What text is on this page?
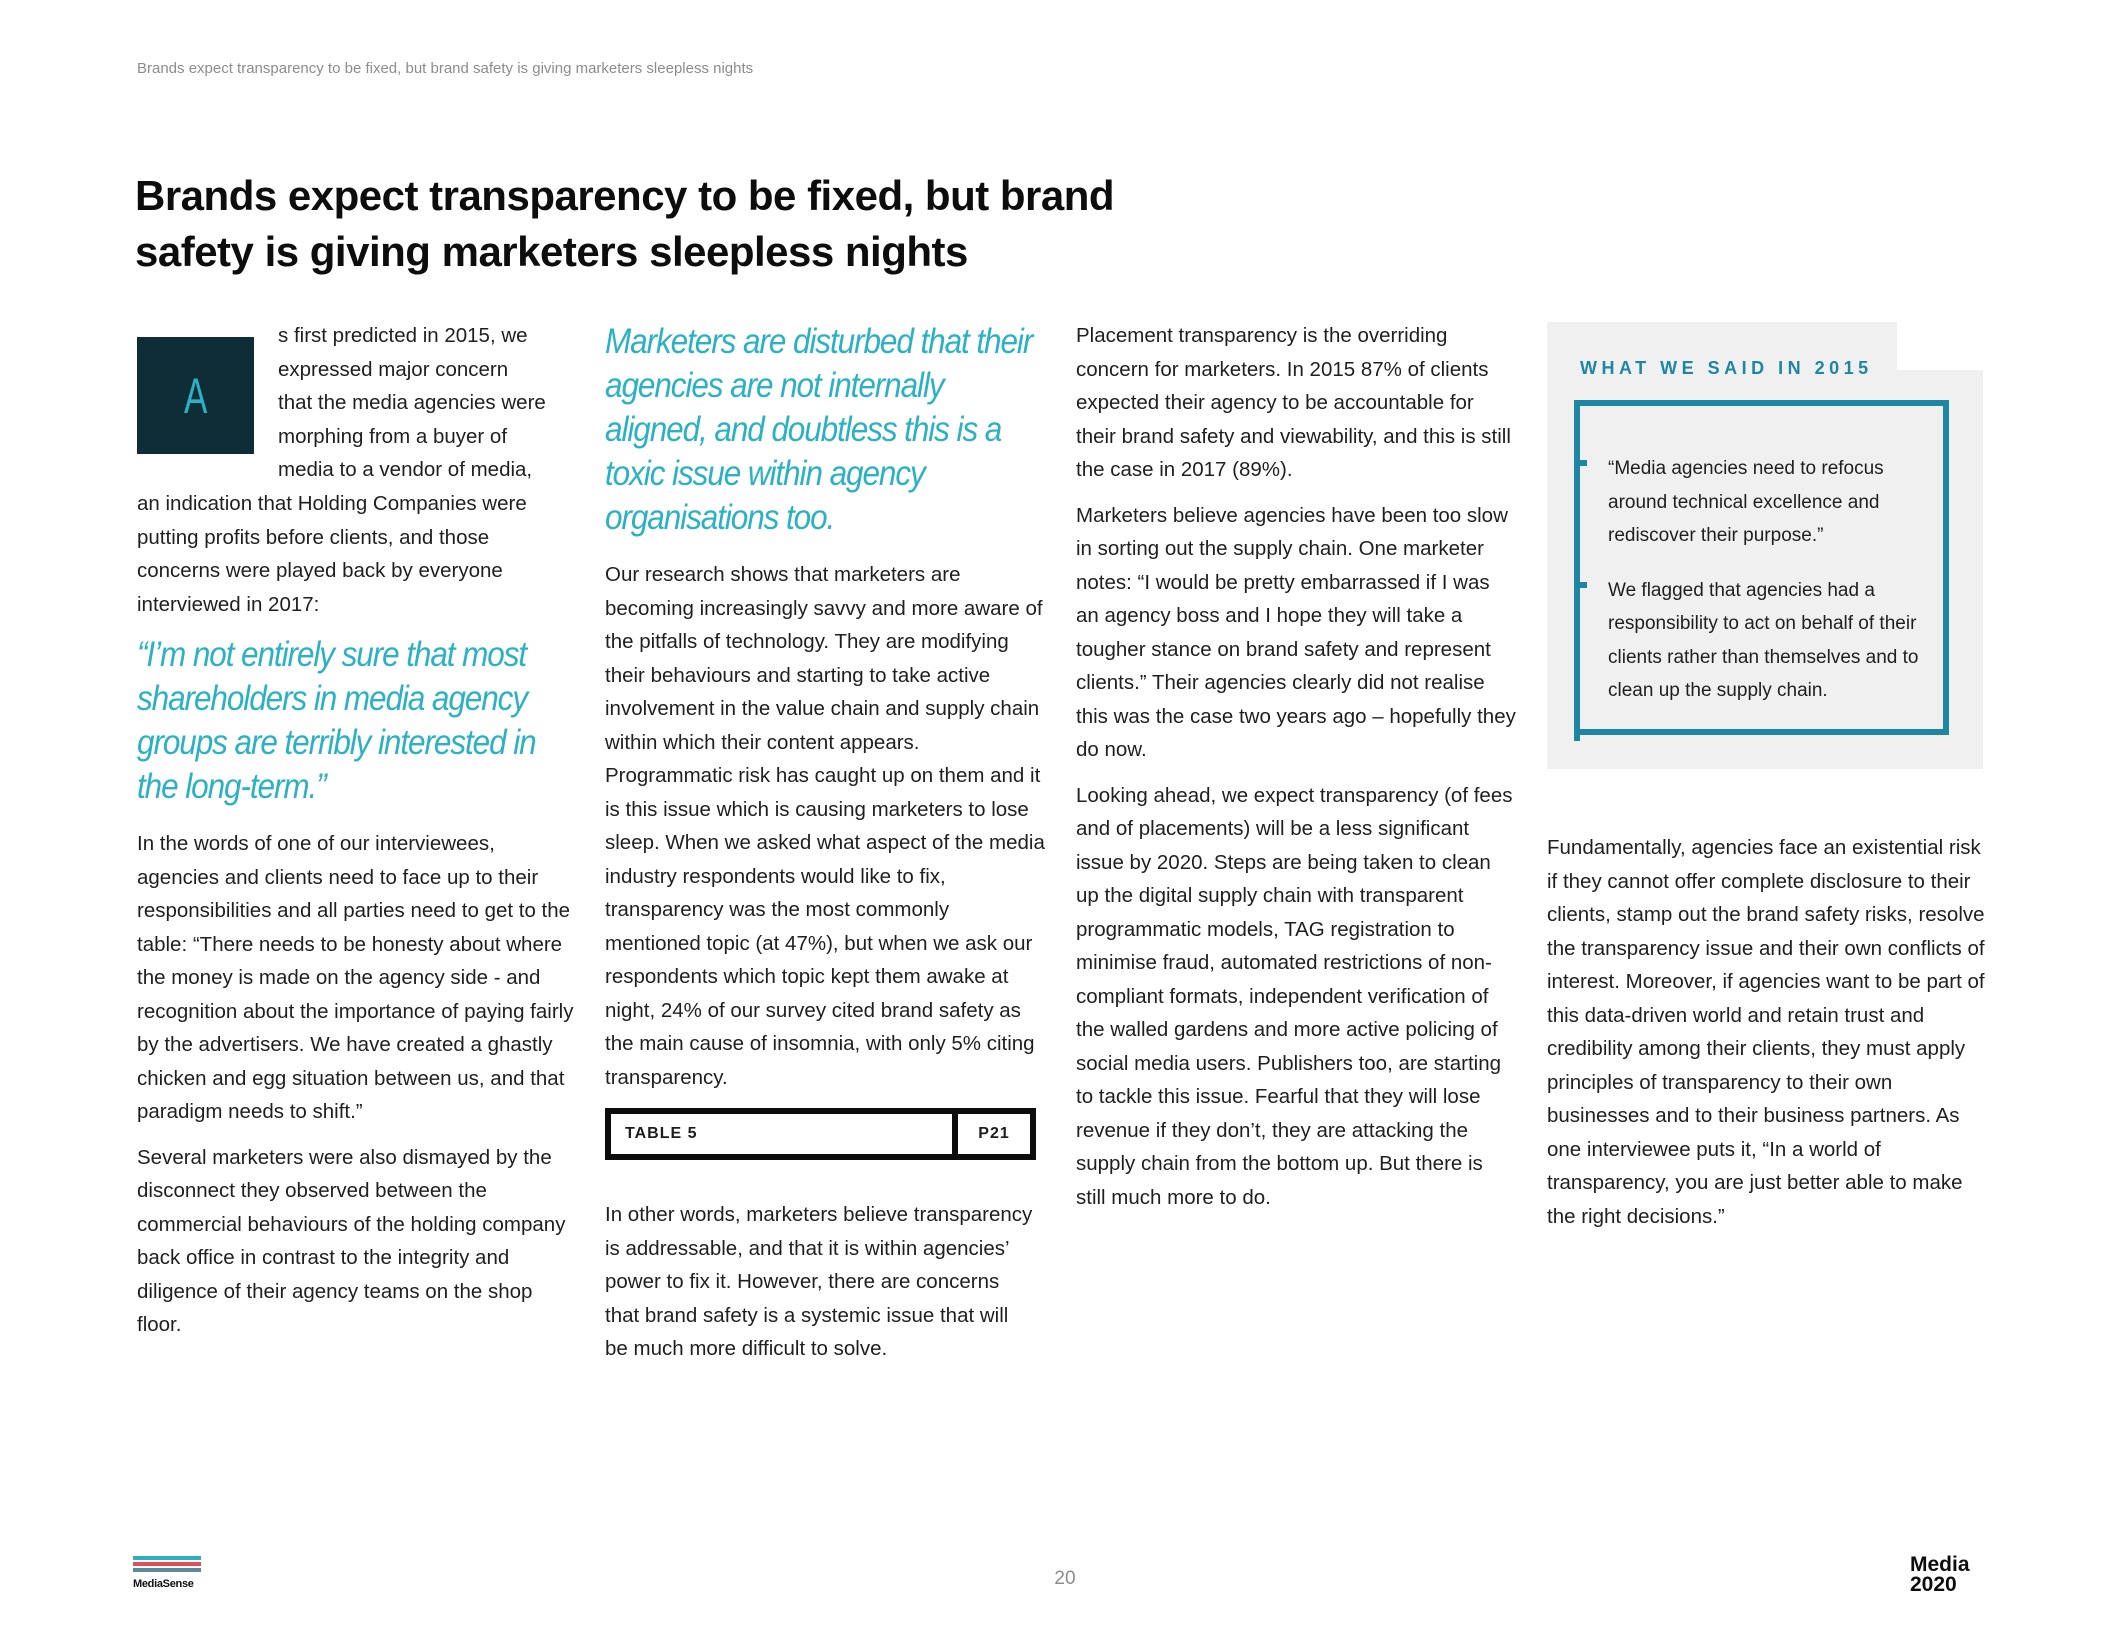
Brands expect transparency to be fixed, but brand safety is giving marketers sleepless nights
Brands expect transparency to be fixed, but brand
safety is giving marketers sleepless nights
A
s first predicted in 2015, we
expressed major concern
that the media agencies were
morphing from a buyer of
media to a vendor of media,

an indication that Holding Companies were putting profits before clients, and those concerns were played back by everyone interviewed in 2017:

“I’m not entirely sure that most shareholders in media agency groups are terribly interested in the long-term.”

In the words of one of our interviewees, agencies and clients need to face up to their responsibilities and all parties need to get to the table: “There needs to be honesty about where the money is made on the agency side - and recognition about the importance of paying fairly by the advertisers. We have created a ghastly chicken and egg situation between us, and that paradigm needs to shift.”

Several marketers were also dismayed by the disconnect they observed between the commercial behaviours of the holding company back office in contrast to the integrity and diligence of their agency teams on the shop floor.

Marketers are disturbed that their agencies are not internally aligned, and doubtless this is a toxic issue within agency organisations too.

Our research shows that marketers are becoming increasingly savvy and more aware of the pitfalls of technology. They are modifying their behaviours and starting to take active involvement in the value chain and supply chain within which their content appears. Programmatic risk has caught up on them and it is this issue which is causing marketers to lose sleep. When we asked what aspect of the media industry respondents would like to fix, transparency was the most commonly mentioned topic (at 47%), but when we ask our respondents which topic kept them awake at night, 24% of our survey cited brand safety as the main cause of insomnia, with only 5% citing transparency.

TABLE 5	P21

In other words, marketers believe transparency is addressable, and that it is within agencies’ power to fix it. However, there are concerns that brand safety is a systemic issue that will be much more difficult to solve.

Placement transparency is the overriding concern for marketers. In 2015 87% of clients expected their agency to be accountable for their brand safety and viewability, and this is still the case in 2017 (89%).

Marketers believe agencies have been too slow in sorting out the supply chain. One marketer notes: “I would be pretty embarrassed if I was an agency boss and I hope they will take a tougher stance on brand safety and represent clients.” Their agencies clearly did not realise this was the case two years ago – hopefully they do now.

Looking ahead, we expect transparency (of fees and of placements) will be a less significant issue by 2020. Steps are being taken to clean up the digital supply chain with transparent programmatic models, TAG registration to minimise fraud, automated restrictions of non-compliant formats, independent verification of the walled gardens and more active policing of social media users. Publishers too, are starting to tackle this issue. Fearful that they will lose revenue if they don’t, they are attacking the supply chain from the bottom up. But there is still much more to do.

WHAT WE SAID IN 2015

“Media agencies need to refocus around technical excellence and rediscover their purpose.”

We flagged that agencies had a responsibility to act on behalf of their clients rather than themselves and to clean up the supply chain.

Fundamentally, agencies face an existential risk if they cannot offer complete disclosure to their clients, stamp out the brand safety risks, resolve the transparency issue and their own conflicts of interest. Moreover, if agencies want to be part of this data-driven world and retain trust and credibility among their clients, they must apply principles of transparency to their own businesses and to their business partners. As one interviewee puts it, “In a world of transparency, you are just better able to make the right decisions.”

MediaSense	20
Media
2020
